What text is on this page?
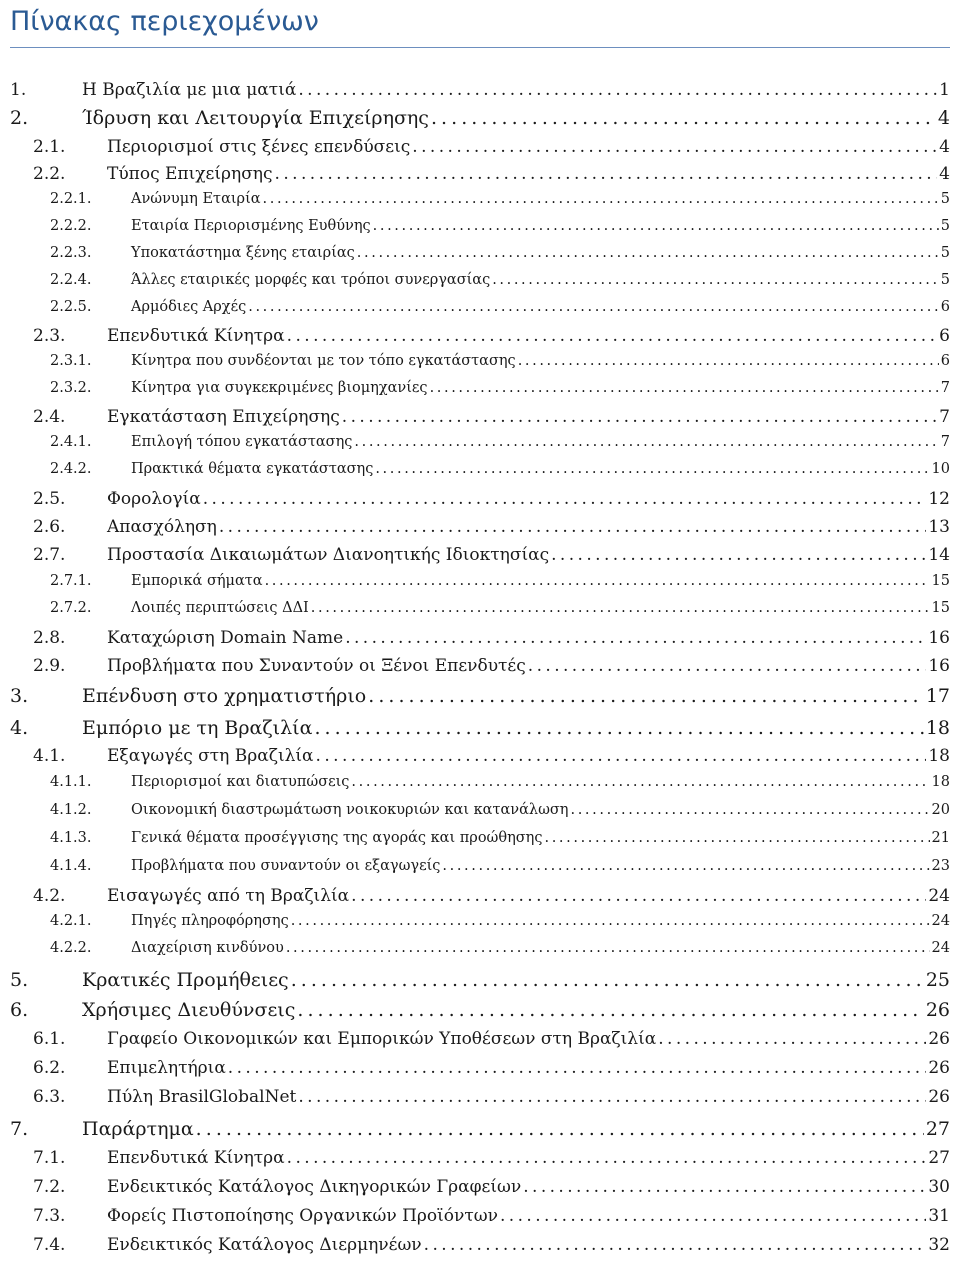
Πίνακας περιεχομένων
1.	Η Βραζιλία με μια ματιά . . .	1
2.	Ίδρυση και Λειτουργία Επιχείρησης . . .	4
2.1. Περιορισμοί στις ξένες επενδύσεις . . .	4
2.2. Τύπος Επιχείρησης . . .	4
2.2.1.	Ανώνυμη Εταιρία . . .	5
2.2.2.	Εταιρία Περιορισμένης Ευθύνης . . .	5
2.2.3.	Υποκατάστημα ξένης εταιρίας . . .	5
2.2.4.	Άλλες εταιρικές μορφές και τρόποι συνεργασίας . . .	5
2.2.5.	Αρμόδιες Αρχές . . .	6
2.3. Επενδυτικά Κίνητρα . . .	6
2.3.1.	Κίνητρα που συνδέονται με τον τόπο εγκατάστασης . . .	6
2.3.2.	Κίνητρα για συγκεκριμένες βιομηχανίες . . .	7
2.4. Εγκατάσταση Επιχείρησης . . .	7
2.4.1.	Επιλογή τόπου εγκατάστασης . . .	7
2.4.2.	Πρακτικά θέματα εγκατάστασης . . .	10
2.5. Φορολογία . . .	12
2.6. Απασχόληση . . .	13
2.7. Προστασία Δικαιωμάτων Διανοητικής Ιδιοκτησίας . . .	14
2.7.1.	Εμπορικά σήματα . . .	15
2.7.2.	Λοιπές περιπτώσεις ΔΔΙ . . .	15
2.8. Καταχώριση Domain Name . . .	16
2.9. Προβλήματα που Συναντούν οι Ξένοι Επενδυτές . . .	16
3.	Επένδυση στο χρηματιστήριο . . .	17
4.	Εμπόριο με τη Βραζιλία . . .	18
4.1. Εξαγωγές στη Βραζιλία . . .	18
4.1.1.	Περιορισμοί και διατυπώσεις . . .	18
4.1.2.	Οικονομική διαστρωμάτωση νοικοκυριών και κατανάλωση . . .	20
4.1.3.	Γενικά θέματα προσέγγισης της αγοράς και προώθησης . . .	21
4.1.4.	Προβλήματα που συναντούν οι εξαγωγείς . . .	23
4.2. Εισαγωγές από τη Βραζιλία . . .	24
4.2.1.	Πηγές πληροφόρησης . . .	24
4.2.2.	Διαχείριση κινδύνου . . .	24
5.	Κρατικές Προμήθειες . . .	25
6.	Χρήσιμες Διευθύνσεις . . .	26
6.1. Γραφείο Οικονομικών και Εμπορικών Υποθέσεων στη Βραζιλία . . .	26
6.2. Επιμελητήρια . . .	26
6.3. Πύλη BrasilGlobalNet . . .	26
7.	Παράρτημα . . .	27
7.1. Επενδυτικά Κίνητρα . . .	27
7.2. Ενδεικτικός Κατάλογος Δικηγορικών Γραφείων . . .	30
7.3. Φορείς Πιστοποίησης Οργανικών Προϊόντων . . .	31
7.4. Ενδεικτικός Κατάλογος Διερμηνέων . . .	32
